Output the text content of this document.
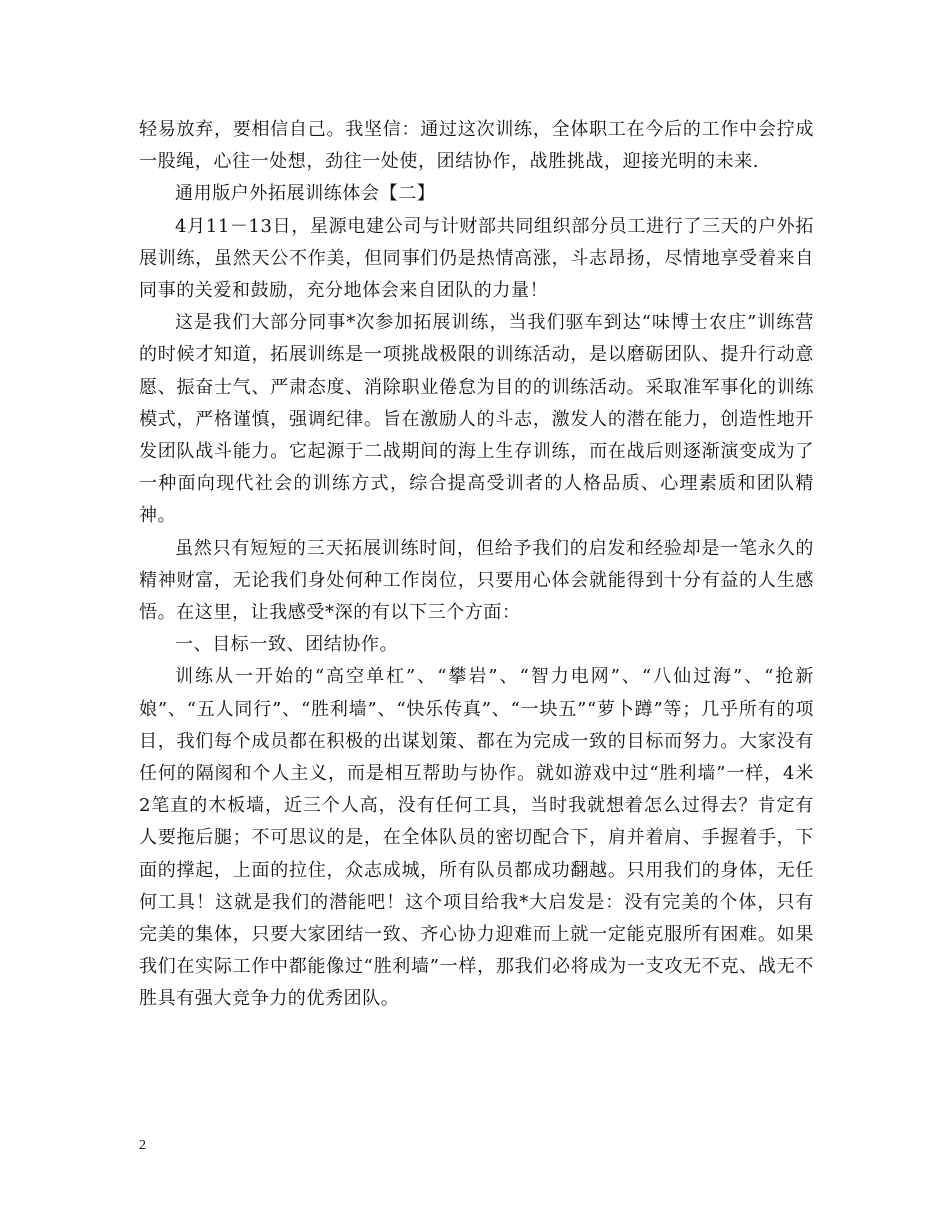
轻易放弃，要相信自己。我坚信：通过这次训练，全体职工在今后的工作中会拧成一股绳，心往一处想，劲往一处使，团结协作，战胜挑战，迎接光明的未来.

通用版户外拓展训练体会【二】

4月11－13日，星源电建公司与计财部共同组织部分员工进行了三天的户外拓展训练，虽然天公不作美，但同事们仍是热情高涨，斗志昂扬，尽情地享受着来自同事的关爱和鼓励，充分地体会来自团队的力量！

这是我们大部分同事*次参加拓展训练，当我们驱车到达“味博士农庄”训练营的时候才知道，拓展训练是一项挑战极限的训练活动，是以磨砺团队、提升行动意愿、振奋士气、严肃态度、消除职业倦怠为目的的训练活动。采取准军事化的训练模式，严格谨慎，强调纪律。旨在激励人的斗志，激发人的潜在能力，创造性地开发团队战斗能力。它起源于二战期间的海上生存训练，而在战后则逐渐演变成为了一种面向现代社会的训练方式，综合提高受训者的人格品质、心理素质和团队精神。

虽然只有短短的三天拓展训练时间，但给予我们的启发和经验却是一笔永久的精神财富，无论我们身处何种工作岗位，只要用心体会就能得到十分有益的人生感悟。在这里，让我感受*深的有以下三个方面：

一、目标一致、团结协作。

训练从一开始的“高空单杠”、“攀岩”、“智力电网”、“八仙过海”、“抢新娘”、“五人同行”、“胜利墙”、“快乐传真”、“一块五”“萝卜蹲”等；几乎所有的项目，我们每个成员都在积极的出谋划策、都在为完成一致的目标而努力。大家没有任何的隔阂和个人主义，而是相互帮助与协作。就如游戏中过“胜利墙”一样，4米2笔直的木板墙，近三个人高，没有任何工具，当时我就想着怎么过得去？肯定有人要拖后腿；不可思议的是，在全体队员的密切配合下，肩并着肩、手握着手，下面的撑起，上面的拉住，众志成城，所有队员都成功翻越。只用我们的身体，无任何工具！这就是我们的潜能吧！这个项目给我*大启发是：没有完美的个体，只有完美的集体，只要大家团结一致、齐心协力迎难而上就一定能克服所有困难。如果我们在实际工作中都能像过“胜利墙”一样，那我们必将成为一支攻无不克、战无不胜具有强大竞争力的优秀团队。

2
